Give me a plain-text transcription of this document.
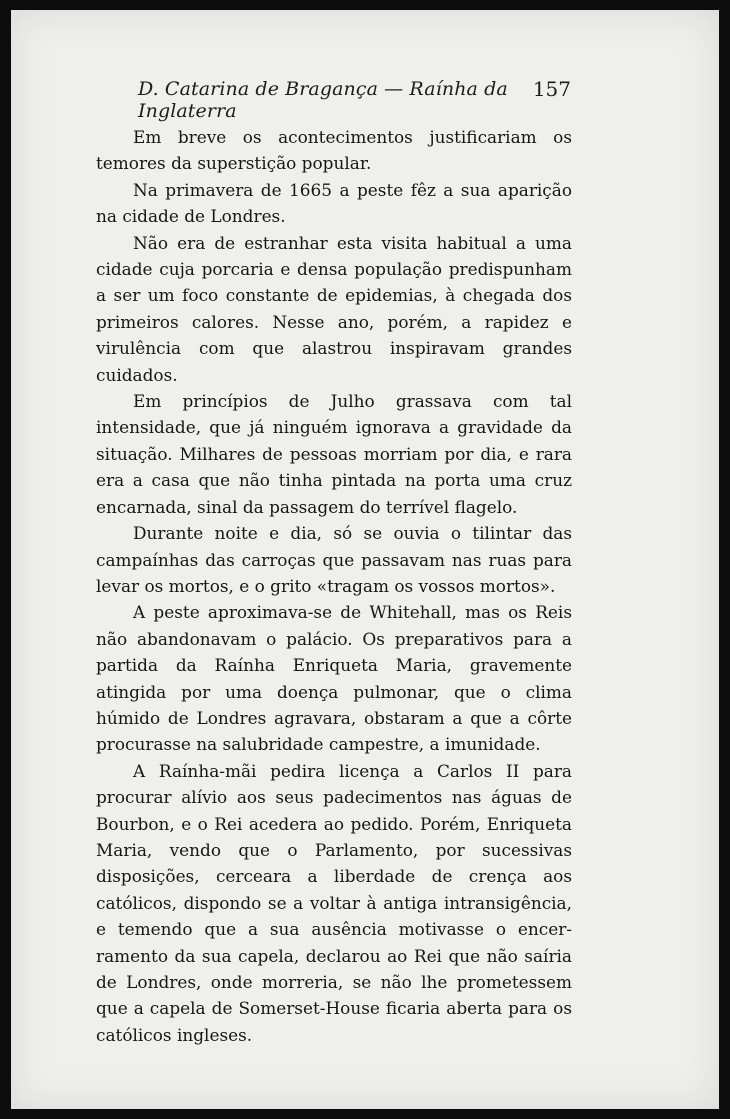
D. Catarina de Bragança — Raínha da Inglaterra
157

Em breve os acontecimentos justificariam os temores da superstição popular.

Na primavera de 1665 a peste fêz a sua aparição na cidade de Londres.

Não era de estranhar esta visita habitual a uma cidade cuja porcaria e densa população predispunham a ser um foco constante de epidemias, à chegada dos primeiros calores. Nesse ano, porém, a rapidez e virulência com que alastrou inspiravam grandes cuidados.

Em princípios de Julho grassava com tal intensidade, que já ninguém ignorava a gravidade da situação. Milhares de pessoas morriam por dia, e rara era a casa que não tinha pintada na porta uma cruz encarnada, sinal da passagem do terrível flagelo.

Durante noite e dia, só se ouvia o tilintar das campaínhas das carroças que passavam nas ruas para levar os mortos, e o grito «tragam os vossos mortos».

A peste aproximava-se de Whitehall, mas os Reis não abandonavam o palácio. Os preparativos para a partida da Raínha Enriqueta Maria, gravemente atingida por uma doença pulmonar, que o clima húmido de Londres agravara, obstaram a que a côrte procurasse na salubridade campestre, a imunidade.

A Raínha-mãi pedira licença a Carlos II para procurar alívio aos seus padecimentos nas águas de Bourbon, e o Rei acedera ao pedido. Porém, Enriqueta Maria, vendo que o Parlamento, por sucessivas disposições, cerceara a liberdade de crença aos católicos, dispondo se a voltar à antiga intransigência, e temendo que a sua ausência motivasse o encerramento da sua capela, declarou ao Rei que não saíria de Londres, onde morreria, se não lhe prometessem que a capela de Somerset-House ficaria aberta para os católicos ingleses.
